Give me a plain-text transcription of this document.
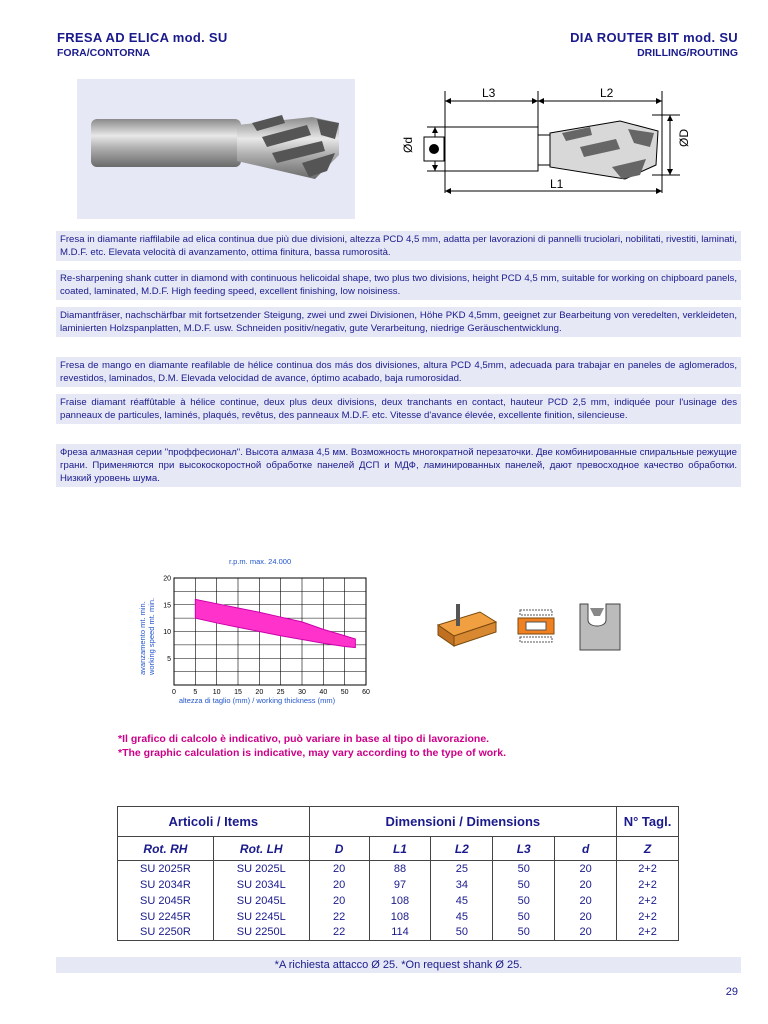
FRESA AD ELICA mod. SU
FORA/CONTORNA
DIA ROUTER BIT mod. SU
DRILLING/ROUTING
L3	L2
L1
Ød	ØD
Fresa in diamante riaffilabile ad elica continua due più due divisioni, altezza PCD 4,5 mm, adatta per lavorazioni di pannelli truciolari, nobilitati, rivestiti, laminati, M.D.F. etc. Elevata velocità di avanzamento, ottima finitura, bassa rumorosità.
Re-sharpening shank cutter in diamond with continuous helicoidal shape, two plus two divisions, height PCD 4,5 mm, suitable for working on chipboard panels, coated, laminated, M.D.F. High feeding speed, excellent finishing, low noisiness.
Diamantfräser, nachschärfbar mit fortsetzender Steigung, zwei und zwei Divisionen, Höhe PKD 4,5mm, geeignet zur Bearbeitung von veredelten, verkleideten, laminierten Holzspanplatten, M.D.F. usw. Schneiden positiv/negativ, gute Verarbeitung, niedrige Geräuschentwicklung.
Fresa de mango en diamante reafilable de hélice continua dos más dos divisiones, altura PCD 4,5mm, adecuada para trabajar en paneles de aglomerados, revestidos, laminados, D.M. Elevada velocidad de avance, óptimo acabado, baja rumorosidad.
Fraise diamant réaffûtable à hélice continue, deux plus deux divisions, deux tranchants en contact, hauteur PCD 2,5 mm, indiquée pour l'usinage des panneaux de particules, laminés, plaqués, revêtus, des panneaux M.D.F. etc. Vitesse d'avance élevée, excellente finition, silencieuse.
Фреза алмазная серии "проффесионал". Высота алмаза 4,5 мм. Возможность многократной перезаточки. Две комбинированные спиральные режущие грани. Применяются при высокоскоростной обработке панелей ДСП и МДФ, ламинированных панелей, дают превосходное качество обработки. Низкий уровень шума.
r.p.m. max. 24.000
0 5 10 15 20 25 30 40 50 60
5
10
15
20
altezza di taglio (mm) / working thickness (mm)
avanzamento mt. min. working speed mt. min.
*Il grafico di calcolo è indicativo, può variare in base al tipo di lavorazione.
*The graphic calculation is indicative, may vary according to the type of work.
Articoli / Items		Dimensioni / Dimensions					N° Tagl.
Rot. RH	Rot. LH	D	L1	L2	L3	d	Z
SU 2025R	SU 2025L	20	88	25	50	20	2+2
SU 2034R	SU 2034L	20	97	34	50	20	2+2
SU 2045R	SU 2045L	20	108	45	50	20	2+2
SU 2245R	SU 2245L	22	108	45	50	20	2+2
SU 2250R	SU 2250L	22	114	50	50	20	2+2
*A richiesta attacco Ø 25. *On request shank Ø 25.
29
